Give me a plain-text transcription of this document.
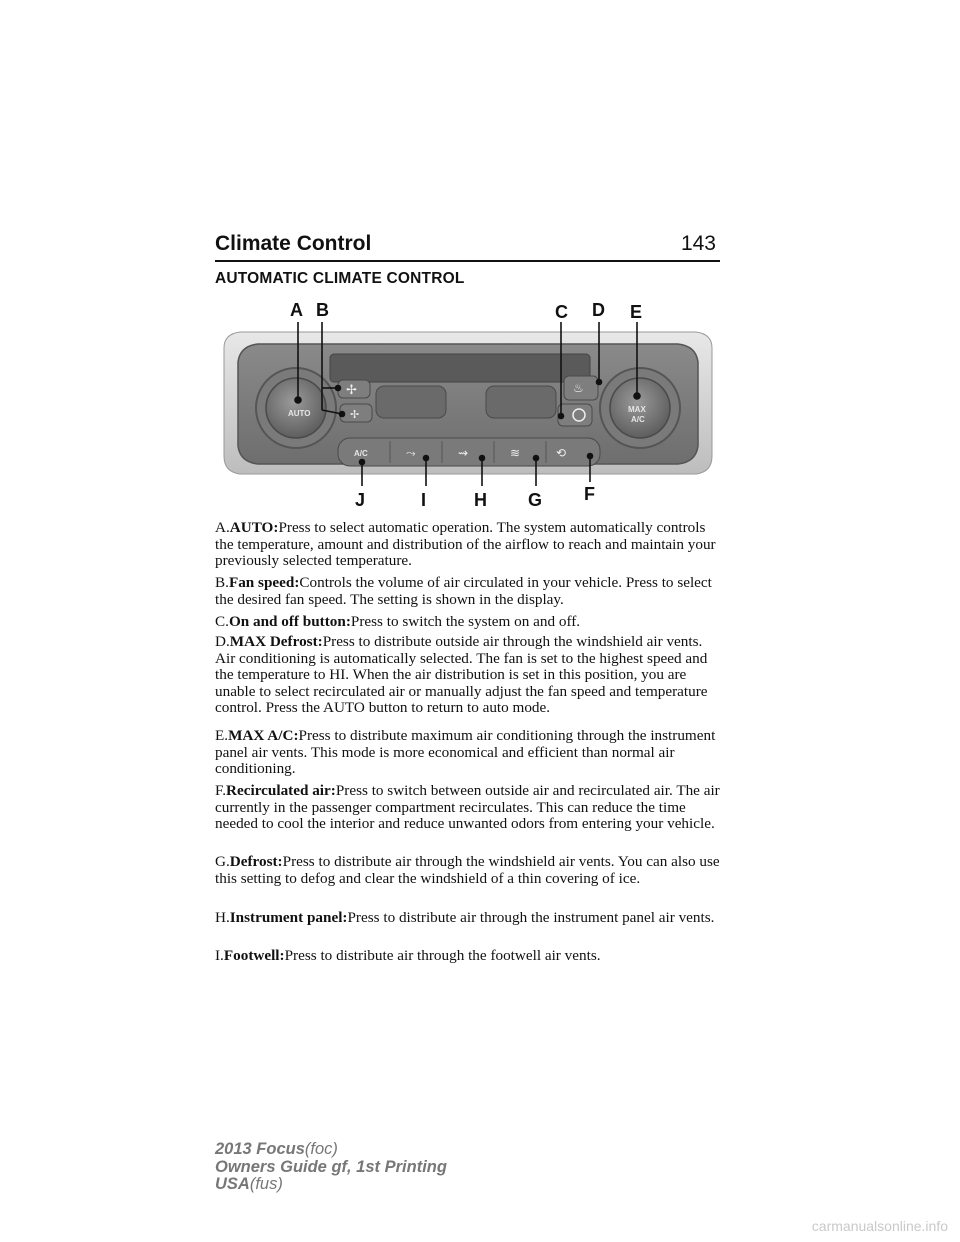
Climate Control	143
AUTOMATIC CLIMATE CONTROL
AUTO	MAX
A/C
✢
✢
♨
A/C	⤳	⇝	≋	⟲
A B	C D E
F
G
H
I
J

A.AUTO:Press to select automatic operation. The system automatically controls the temperature, amount and distribution of the airflow to reach and maintain your previously selected temperature.

B.Fan speed:Controls the volume of air circulated in your vehicle. Press to select the desired fan speed. The setting is shown in the display.

C.On and off button:Press to switch the system on and off.

D.MAX Defrost:Press to distribute outside air through the windshield air vents. Air conditioning is automatically selected. The fan is set to the highest speed and the temperature to HI. When the air distribution is set in this position, you are unable to select recirculated air or manually adjust the fan speed and temperature control. Press the AUTO button to return to auto mode.

E.MAX A/C:Press to distribute maximum air conditioning through the instrument panel air vents. This mode is more economical and efficient than normal air conditioning.

F.Recirculated air:Press to switch between outside air and recirculated air. The air currently in the passenger compartment recirculates. This can reduce the time needed to cool the interior and reduce unwanted odors from entering your vehicle.

G.Defrost:Press to distribute air through the windshield air vents. You can also use this setting to defog and clear the windshield of a thin covering of ice.

H.Instrument panel:Press to distribute air through the instrument panel air vents.

I.Footwell:Press to distribute air through the footwell air vents.

2013 Focus(foc)
Owners Guide gf, 1st Printing
USA(fus)
carmanualsonline.info
